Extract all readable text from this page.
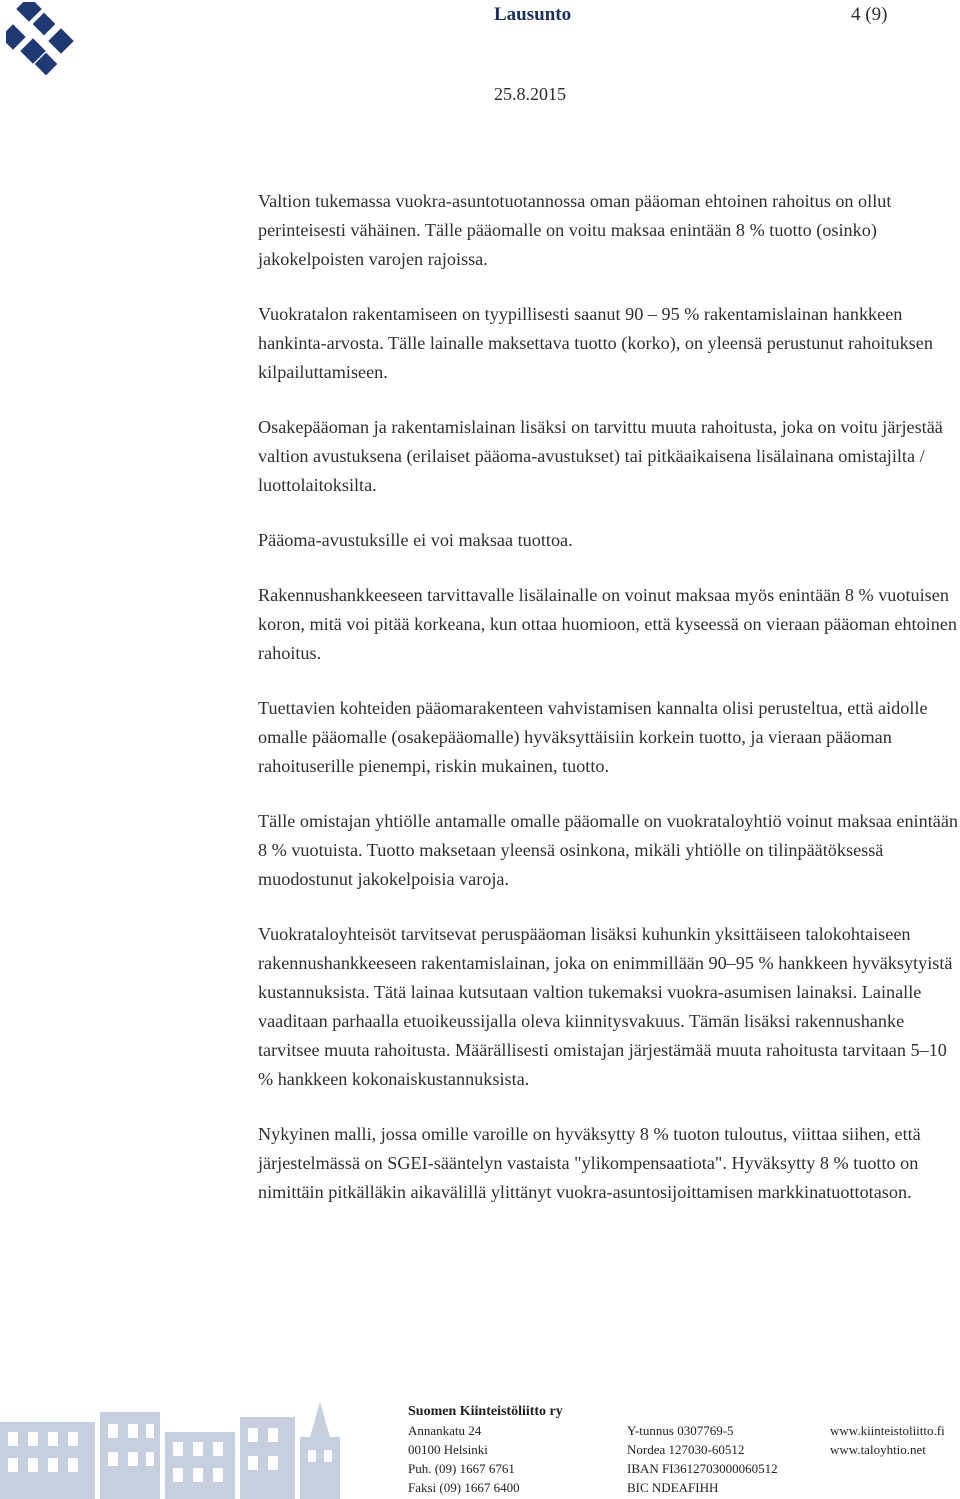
Lausunto	4 (9)
25.8.2015

Valtion tukemassa vuokra-asuntotuotannossa oman pääoman ehtoinen rahoitus on ollut perinteisesti vähäinen. Tälle pääomalle on voitu maksaa enintään 8 % tuotto (osinko) jakokelpoisten varojen rajoissa.

Vuokratalon rakentamiseen on tyypillisesti saanut 90 – 95 % rakentamislainan hankkeen hankinta-arvosta. Tälle lainalle maksettava tuotto (korko), on yleensä perustunut rahoituksen kilpailuttamiseen.

Osakepääoman ja rakentamislainan lisäksi on tarvittu muuta rahoitusta, joka on voitu järjestää valtion avustuksena (erilaiset pääoma-avustukset) tai pitkäaikaisena lisälainana omistajilta / luottolaitoksilta.

Pääoma-avustuksille ei voi maksaa tuottoa.

Rakennushankkeeseen tarvittavalle lisälainalle on voinut maksaa myös enintään 8 % vuotuisen koron, mitä voi pitää korkeana, kun ottaa huomioon, että kyseessä on vieraan pääoman ehtoinen rahoitus.

Tuettavien kohteiden pääomarakenteen vahvistamisen kannalta olisi perusteltua, että aidolle omalle pääomalle (osakepääomalle) hyväksyttäisiin korkein tuotto, ja vieraan pääoman rahoituserille pienempi, riskin mukainen, tuotto.

Tälle omistajan yhtiölle antamalle omalle pääomalle on vuokrataloyhtiö voinut maksaa enintään 8 % vuotuista. Tuotto maksetaan yleensä osinkona, mikäli yhtiölle on tilinpäätöksessä muodostunut jakokelpoisia varoja.

Vuokrataloyhteisöt tarvitsevat peruspääoman lisäksi kuhunkin yksittäiseen talokohtaiseen rakennushankkeeseen rakentamislainan, joka on enimmillään 90–95 % hankkeen hyväksytyistä kustannuksista. Tätä lainaa kutsutaan valtion tukemaksi vuokra-asumisen lainaksi. Lainalle vaaditaan parhaalla etuoikeussijalla oleva kiinnitysvakuus. Tämän lisäksi rakennushanke tarvitsee muuta rahoitusta. Määrällisesti omistajan järjestämää muuta rahoitusta tarvitaan 5–10 % hankkeen kokonaiskustannuksista.

Nykyinen malli, jossa omille varoille on hyväksytty 8 % tuoton tuloutus, viittaa siihen, että järjestelmässä on SGEI-sääntelyn vastaista "ylikompensaatiota". Hyväksytty 8 % tuotto on nimittäin pitkälläkin aikavälillä ylittänyt vuokra-asuntosijoittamisen markkinatuottotason.

Suomen Kiinteistöliitto ry
Annankatu 24
00100 Helsinki
Puh. (09) 1667 6761
Faksi (09) 1667 6400
Y-tunnus 0307769-5
Nordea 127030-60512
IBAN FI3612703000060512
BIC NDEAFIHH
www.kiinteistoliitto.fi
www.taloyhtio.net
